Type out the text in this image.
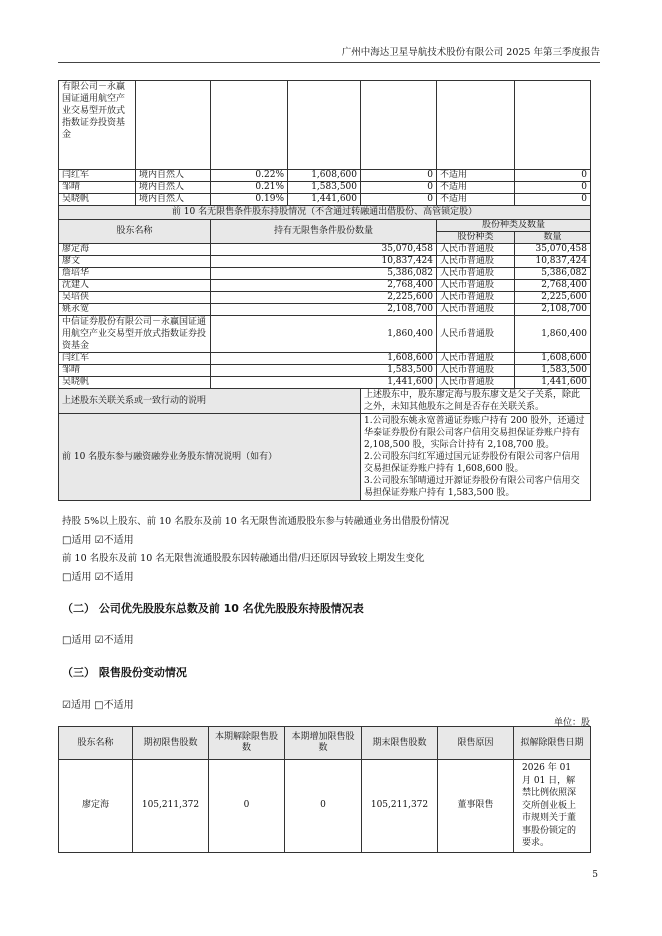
广州中海达卫星导航技术股份有限公司 2025 年第三季度报告
有限公司－永赢国证通用航空产业交易型开放式指数证券投资基金						
闫红军	境内自然人	0.22%	1,608,600	0	不适用	0
邹晴	境内自然人	0.21%	1,583,500	0	不适用	0
吴晓帆	境内自然人	0.19%	1,441,600	0	不适用	0
前 10 名无限售条件股东持股情况（不含通过转融通出借股份、高管锁定股）						
股东名称		持有无限售条件股份数量			股份种类及数量	
					股份种类	数量
廖定海		35,070,458			人民币普通股	35,070,458
廖文		10,837,424			人民币普通股	10,837,424
詹培华		5,386,082			人民币普通股	5,386,082
沈建人		2,768,400			人民币普通股	2,768,400
吴培侠		2,225,600			人民币普通股	2,225,600
姚永宽		2,108,700			人民币普通股	2,108,700
中信证券股份有限公司－永赢国证通用航空产业交易型开放式指数证券投资基金		1,860,400			人民币普通股	1,860,400
闫红军		1,608,600			人民币普通股	1,608,600
邹晴		1,583,500			人民币普通股	1,583,500
吴晓帆		1,441,600			人民币普通股	1,441,600
上述股东关联关系或一致行动的说明				上述股东中，股东廖定海与股东廖文是父子关系，除此之外，未知其他股东之间是否存在关联关系。		
前 10 名股东参与融资融券业务股东情况说明（如有）				1.公司股东姚永宽普通证券账户持有 200 股外，还通过华泰证券股份有限公司客户信用交易担保证券账户持有 2,108,500 股，实际合计持有 2,108,700 股。
2.公司股东闫红军通过国元证券股份有限公司客户信用交易担保证券账户持有 1,608,600 股。
3.公司股东邹晴通过开源证券股份有限公司客户信用交易担保证券账户持有 1,583,500 股。		
持股 5%以上股东、前 10 名股东及前 10 名无限售流通股股东参与转融通业务出借股份情况
□适用 ☑不适用
前 10 名股东及前 10 名无限售流通股股东因转融通出借/归还原因导致较上期发生变化
□适用 ☑不适用
（二） 公司优先股股东总数及前 10 名优先股股东持股情况表
□适用 ☑不适用
（三） 限售股份变动情况
☑适用 □不适用
单位：股
股东名称	期初限售股数	本期解除限售股数	本期增加限售股数	期末限售股数	限售原因	拟解除限售日期
廖定海	105,211,372	0	0	105,211,372	董事限售	2026 年 01 月 01 日，解禁比例依照深交所创业板上市规则关于董事股份锁定的要求。
5
